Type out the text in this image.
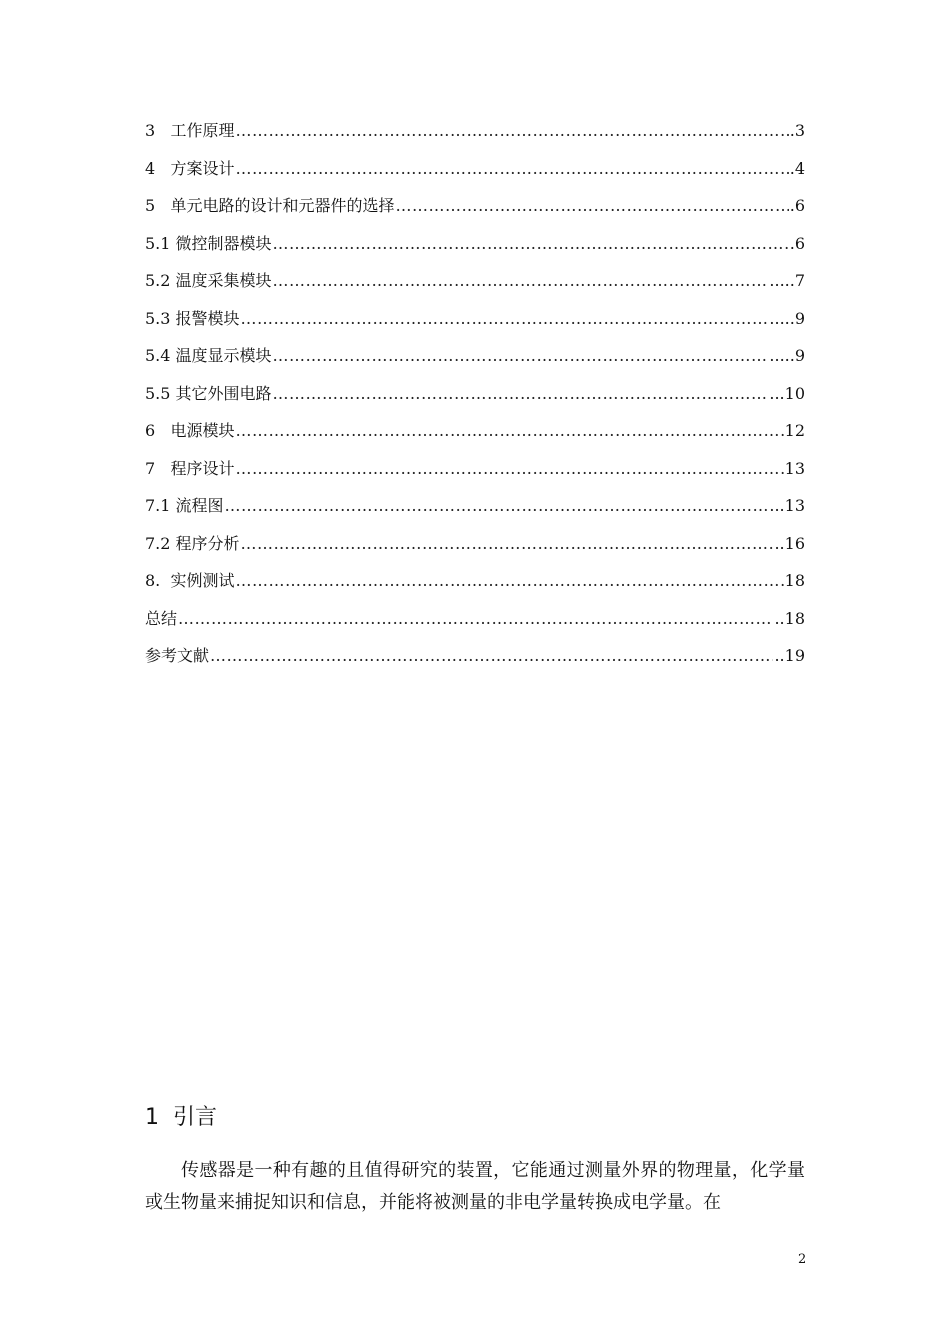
3 工作原理 ……………………………………………………………………………………………………………………………………………………………………………………	.3
4 方案设计 ……………………………………………………………………………………………………………………………………………………………………………………	.4
5 单元电路的设计和元器件的选择 ……………………………………………………………………………………………………………………………………………………………………………………	.6
5.1 微控制器模块 ……………………………………………………………………………………………………………………………………………………………………………………	.6
5.2 温度采集模块 ……………………………………………………………………………………………………………………………………………………………………………………	.....7
5.3 报警模块 ……………………………………………………………………………………………………………………………………………………………………………………	.....9
5.4 温度显示模块 ……………………………………………………………………………………………………………………………………………………………………………………	.....9
5.5 其它外围电路 ……………………………………………………………………………………………………………………………………………………………………………………	...10
6 电源模块 ……………………………………………………………………………………………………………………………………………………………………………………	12
7 程序设计 ……………………………………………………………………………………………………………………………………………………………………………………	13
7.1 流程图 ……………………………………………………………………………………………………………………………………………………………………………………	...13
7.2 程序分析 ……………………………………………………………………………………………………………………………………………………………………………………	..16
8. 实例测试 ……………………………………………………………………………………………………………………………………………………………………………………	18
总结 ……………………………………………………………………………………………………………………………………………………………………………………	..18
参考文献 ……………………………………………………………………………………………………………………………………………………………………………………	..19
1 引言

传感器是一种有趣的且值得研究的装置，它能通过测量外界的物理量，化学量或生物量来捕捉知识和信息，并能将被测量的非电学量转换成电学量。在

2
